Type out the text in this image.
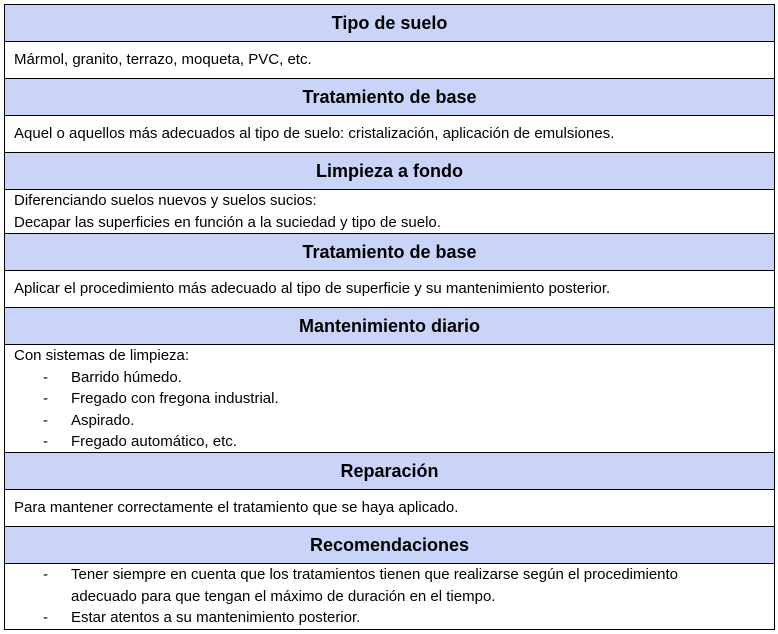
Tipo de suelo
Mármol, granito, terrazo, moqueta, PVC, etc.
Tratamiento de base
Aquel o aquellos más adecuados al tipo de suelo: cristalización, aplicación de emulsiones.
Limpieza a fondo
Diferenciando suelos nuevos y suelos sucios:
Decapar las superficies en función a la suciedad y tipo de suelo.
Tratamiento de base
Aplicar el procedimiento más adecuado al tipo de superficie y su mantenimiento posterior.
Mantenimiento diario
Con sistemas de limpieza:
-	Barrido húmedo.
-	Fregado con fregona industrial.
-	Aspirado.
-	Fregado automático, etc.
Reparación
Para mantener correctamente el tratamiento que se haya aplicado.
Recomendaciones
-	Tener siempre en cuenta que los tratamientos tienen que realizarse según el procedimiento
adecuado para que tengan el máximo de duración en el tiempo.
-	Estar atentos a su mantenimiento posterior.
